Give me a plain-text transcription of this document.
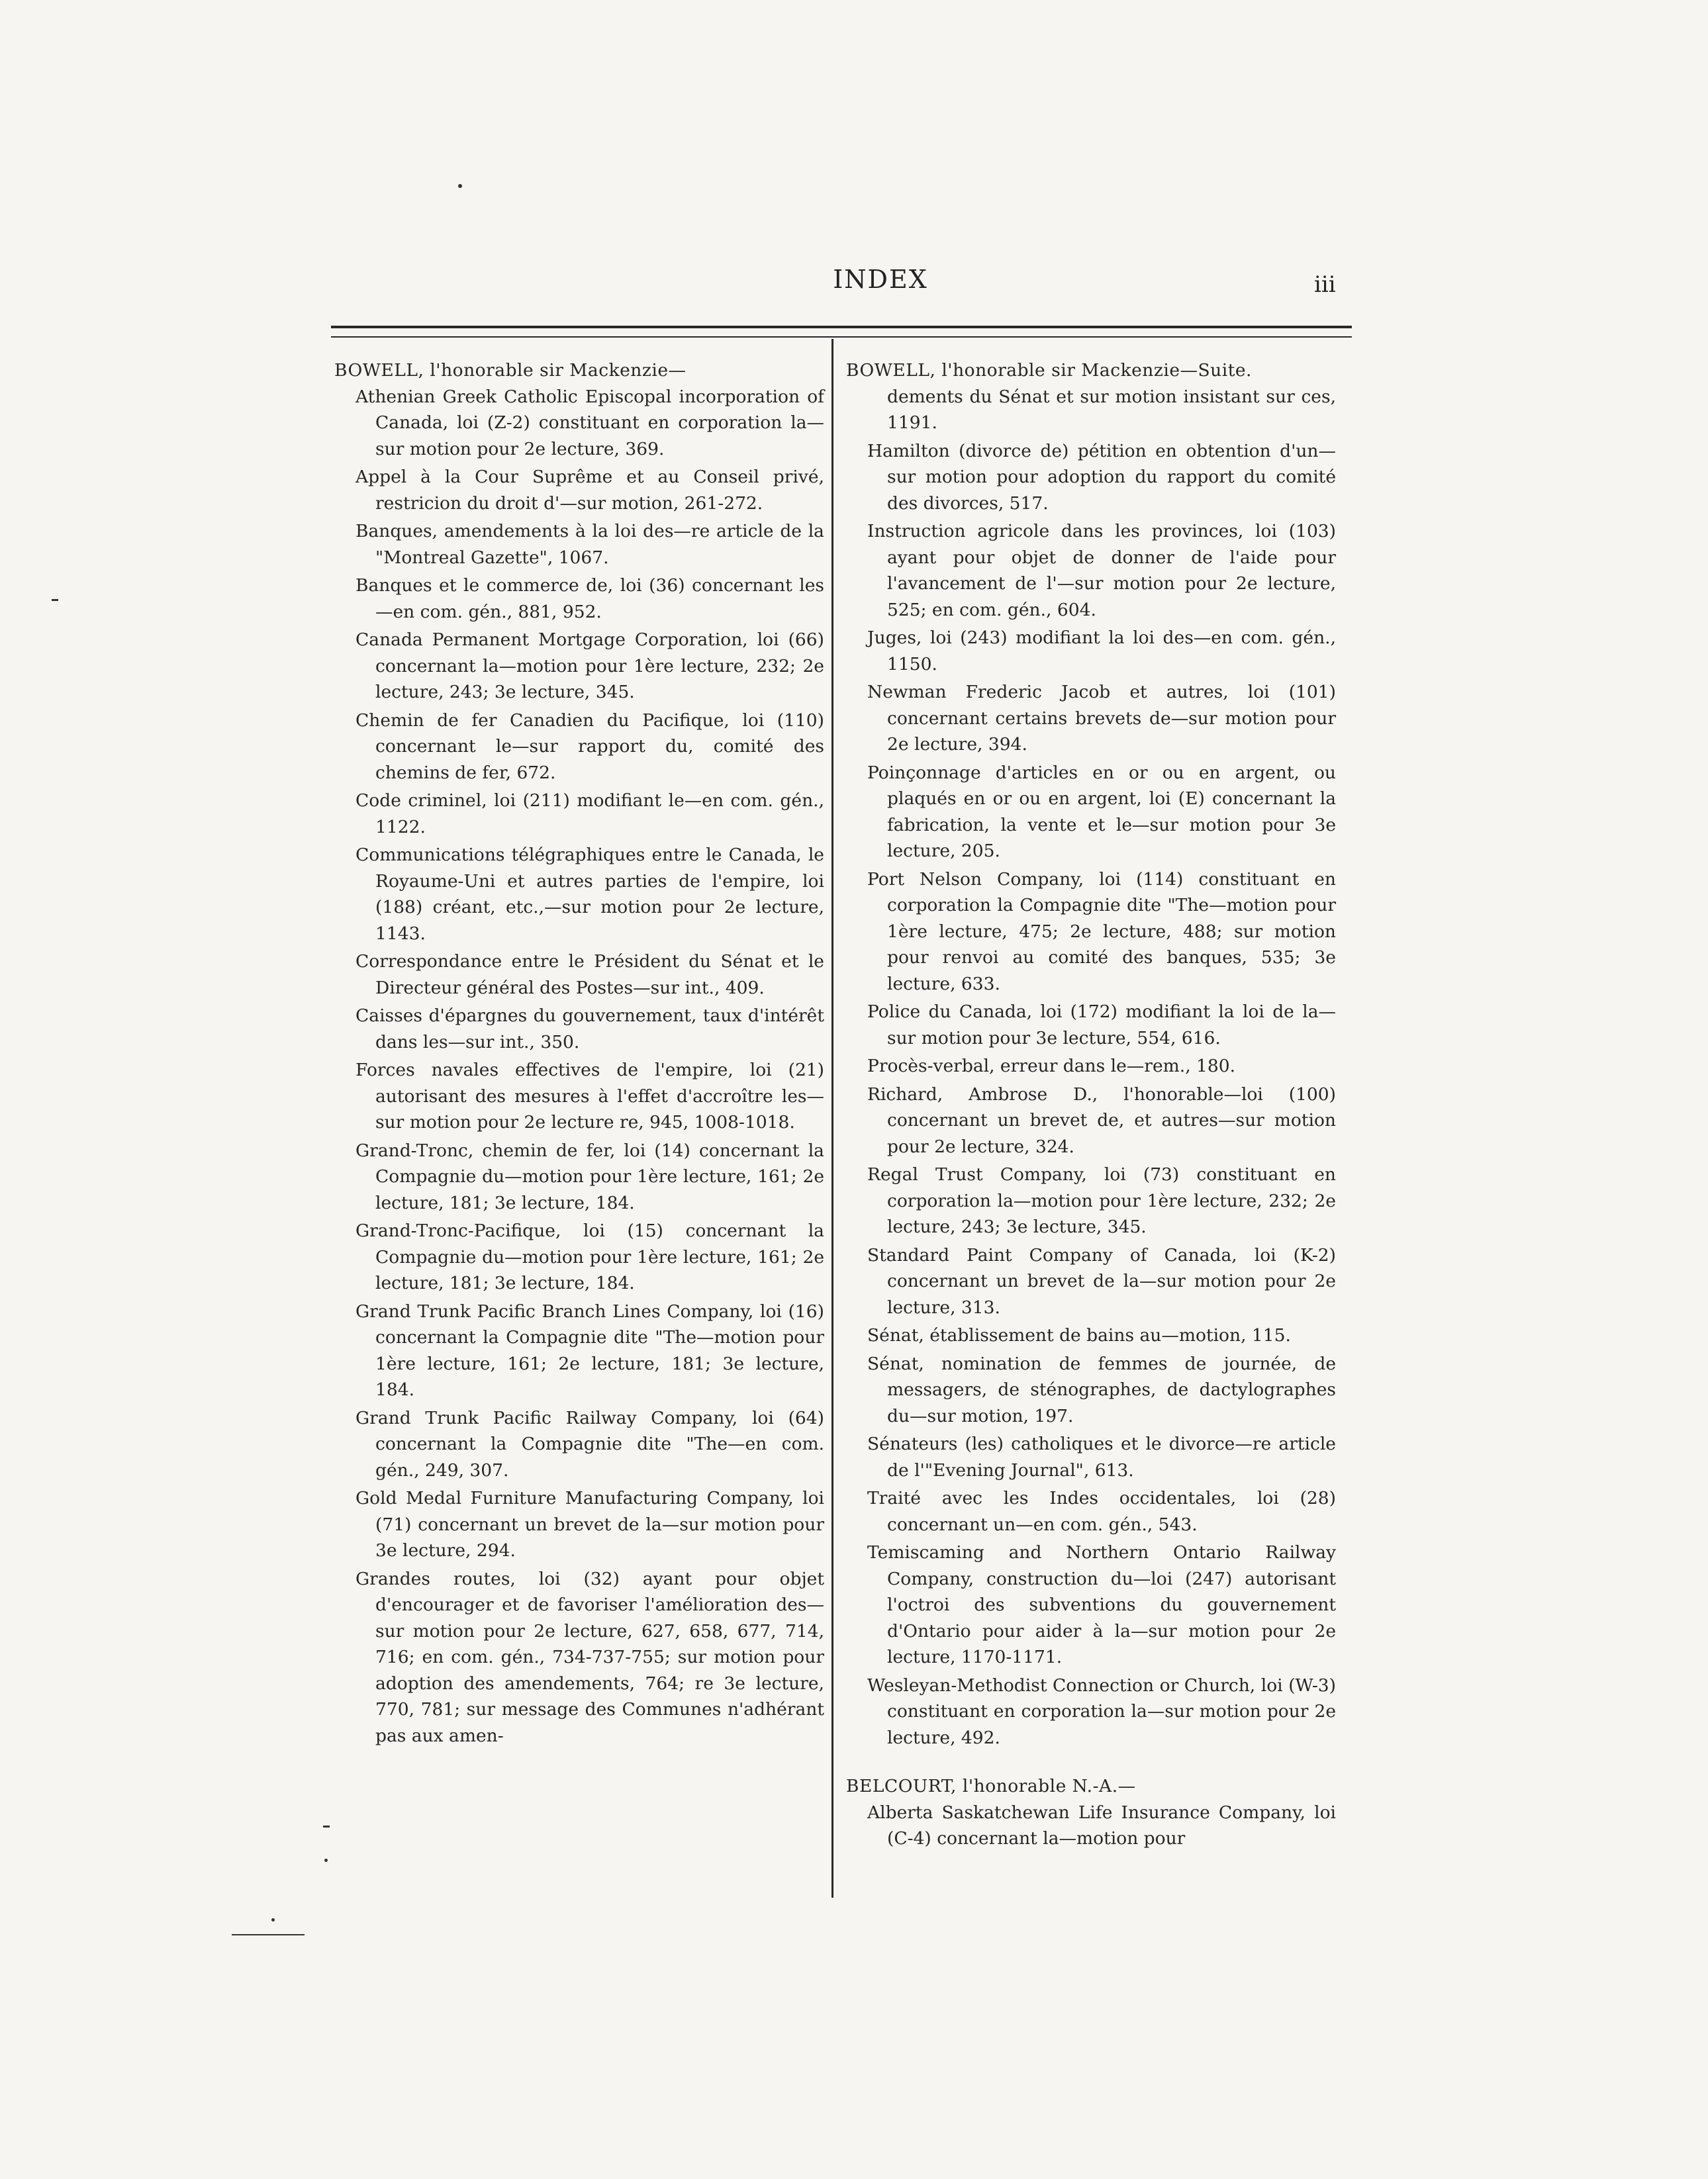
INDEX	iii

BOWELL, l'honorable sir Mackenzie—

Athenian Greek Catholic Episcopal incorporation of Canada, loi (Z-2) constituant en corporation la—sur motion pour 2e lecture, 369.

Appel à la Cour Suprême et au Conseil privé, restricion du droit d'—sur motion, 261-272.

Banques, amendements à la loi des—re article de la "Montreal Gazette", 1067.

Banques et le commerce de, loi (36) concernant les—en com. gén., 881, 952.

Canada Permanent Mortgage Corporation, loi (66) concernant la—motion pour 1ère lecture, 232; 2e lecture, 243; 3e lecture, 345.

Chemin de fer Canadien du Pacifique, loi (110) concernant le—sur rapport du, comité des chemins de fer, 672.

Code criminel, loi (211) modifiant le—en com. gén., 1122.

Communications télégraphiques entre le Canada, le Royaume-Uni et autres parties de l'empire, loi (188) créant, etc.,—sur motion pour 2e lecture, 1143.

Correspondance entre le Président du Sénat et le Directeur général des Postes—sur int., 409.

Caisses d'épargnes du gouvernement, taux d'intérêt dans les—sur int., 350.

Forces navales effectives de l'empire, loi (21) autorisant des mesures à l'effet d'accroître les—sur motion pour 2e lecture re, 945, 1008-1018.

Grand-Tronc, chemin de fer, loi (14) concernant la Compagnie du—motion pour 1ère lecture, 161; 2e lecture, 181; 3e lecture, 184.

Grand-Tronc-Pacifique, loi (15) concernant la Compagnie du—motion pour 1ère lecture, 161; 2e lecture, 181; 3e lecture, 184.

Grand Trunk Pacific Branch Lines Company, loi (16) concernant la Compagnie dite "The—motion pour 1ère lecture, 161; 2e lecture, 181; 3e lecture, 184.

Grand Trunk Pacific Railway Company, loi (64) concernant la Compagnie dite "The—en com. gén., 249, 307.

Gold Medal Furniture Manufacturing Company, loi (71) concernant un brevet de la—sur motion pour 3e lecture, 294.

Grandes routes, loi (32) ayant pour objet d'encourager et de favoriser l'amélioration des—sur motion pour 2e lecture, 627, 658, 677, 714, 716; en com. gén., 734-737-755; sur motion pour adoption des amendements, 764; re 3e lecture, 770, 781; sur message des Communes n'adhérant pas aux amen-

BOWELL, l'honorable sir Mackenzie—Suite.

dements du Sénat et sur motion insistant sur ces, 1191.

Hamilton (divorce de) pétition en obtention d'un—sur motion pour adoption du rapport du comité des divorces, 517.

Instruction agricole dans les provinces, loi (103) ayant pour objet de donner de l'aide pour l'avancement de l'—sur motion pour 2e lecture, 525; en com. gén., 604.

Juges, loi (243) modifiant la loi des—en com. gén., 1150.

Newman Frederic Jacob et autres, loi (101) concernant certains brevets de—sur motion pour 2e lecture, 394.

Poinçonnage d'articles en or ou en argent, ou plaqués en or ou en argent, loi (E) concernant la fabrication, la vente et le—sur motion pour 3e lecture, 205.

Port Nelson Company, loi (114) constituant en corporation la Compagnie dite "The—motion pour 1ère lecture, 475; 2e lecture, 488; sur motion pour renvoi au comité des banques, 535; 3e lecture, 633.

Police du Canada, loi (172) modifiant la loi de la—sur motion pour 3e lecture, 554, 616.

Procès-verbal, erreur dans le—rem., 180.

Richard, Ambrose D., l'honorable—loi (100) concernant un brevet de, et autres—sur motion pour 2e lecture, 324.

Regal Trust Company, loi (73) constituant en corporation la—motion pour 1ère lecture, 232; 2e lecture, 243; 3e lecture, 345.

Standard Paint Company of Canada, loi (K-2) concernant un brevet de la—sur motion pour 2e lecture, 313.

Sénat, établissement de bains au—motion, 115.

Sénat, nomination de femmes de journée, de messagers, de sténographes, de dactylographes du—sur motion, 197.

Sénateurs (les) catholiques et le divorce—re article de l'"Evening Journal", 613.

Traité avec les Indes occidentales, loi (28) concernant un—en com. gén., 543.

Temiscaming and Northern Ontario Railway Company, construction du—loi (247) autorisant l'octroi des subventions du gouvernement d'Ontario pour aider à la—sur motion pour 2e lecture, 1170-1171.

Wesleyan-Methodist Connection or Church, loi (W-3) constituant en corporation la—sur motion pour 2e lecture, 492.

BELCOURT, l'honorable N.-A.—

Alberta Saskatchewan Life Insurance Company, loi (C-4) concernant la—motion pour
